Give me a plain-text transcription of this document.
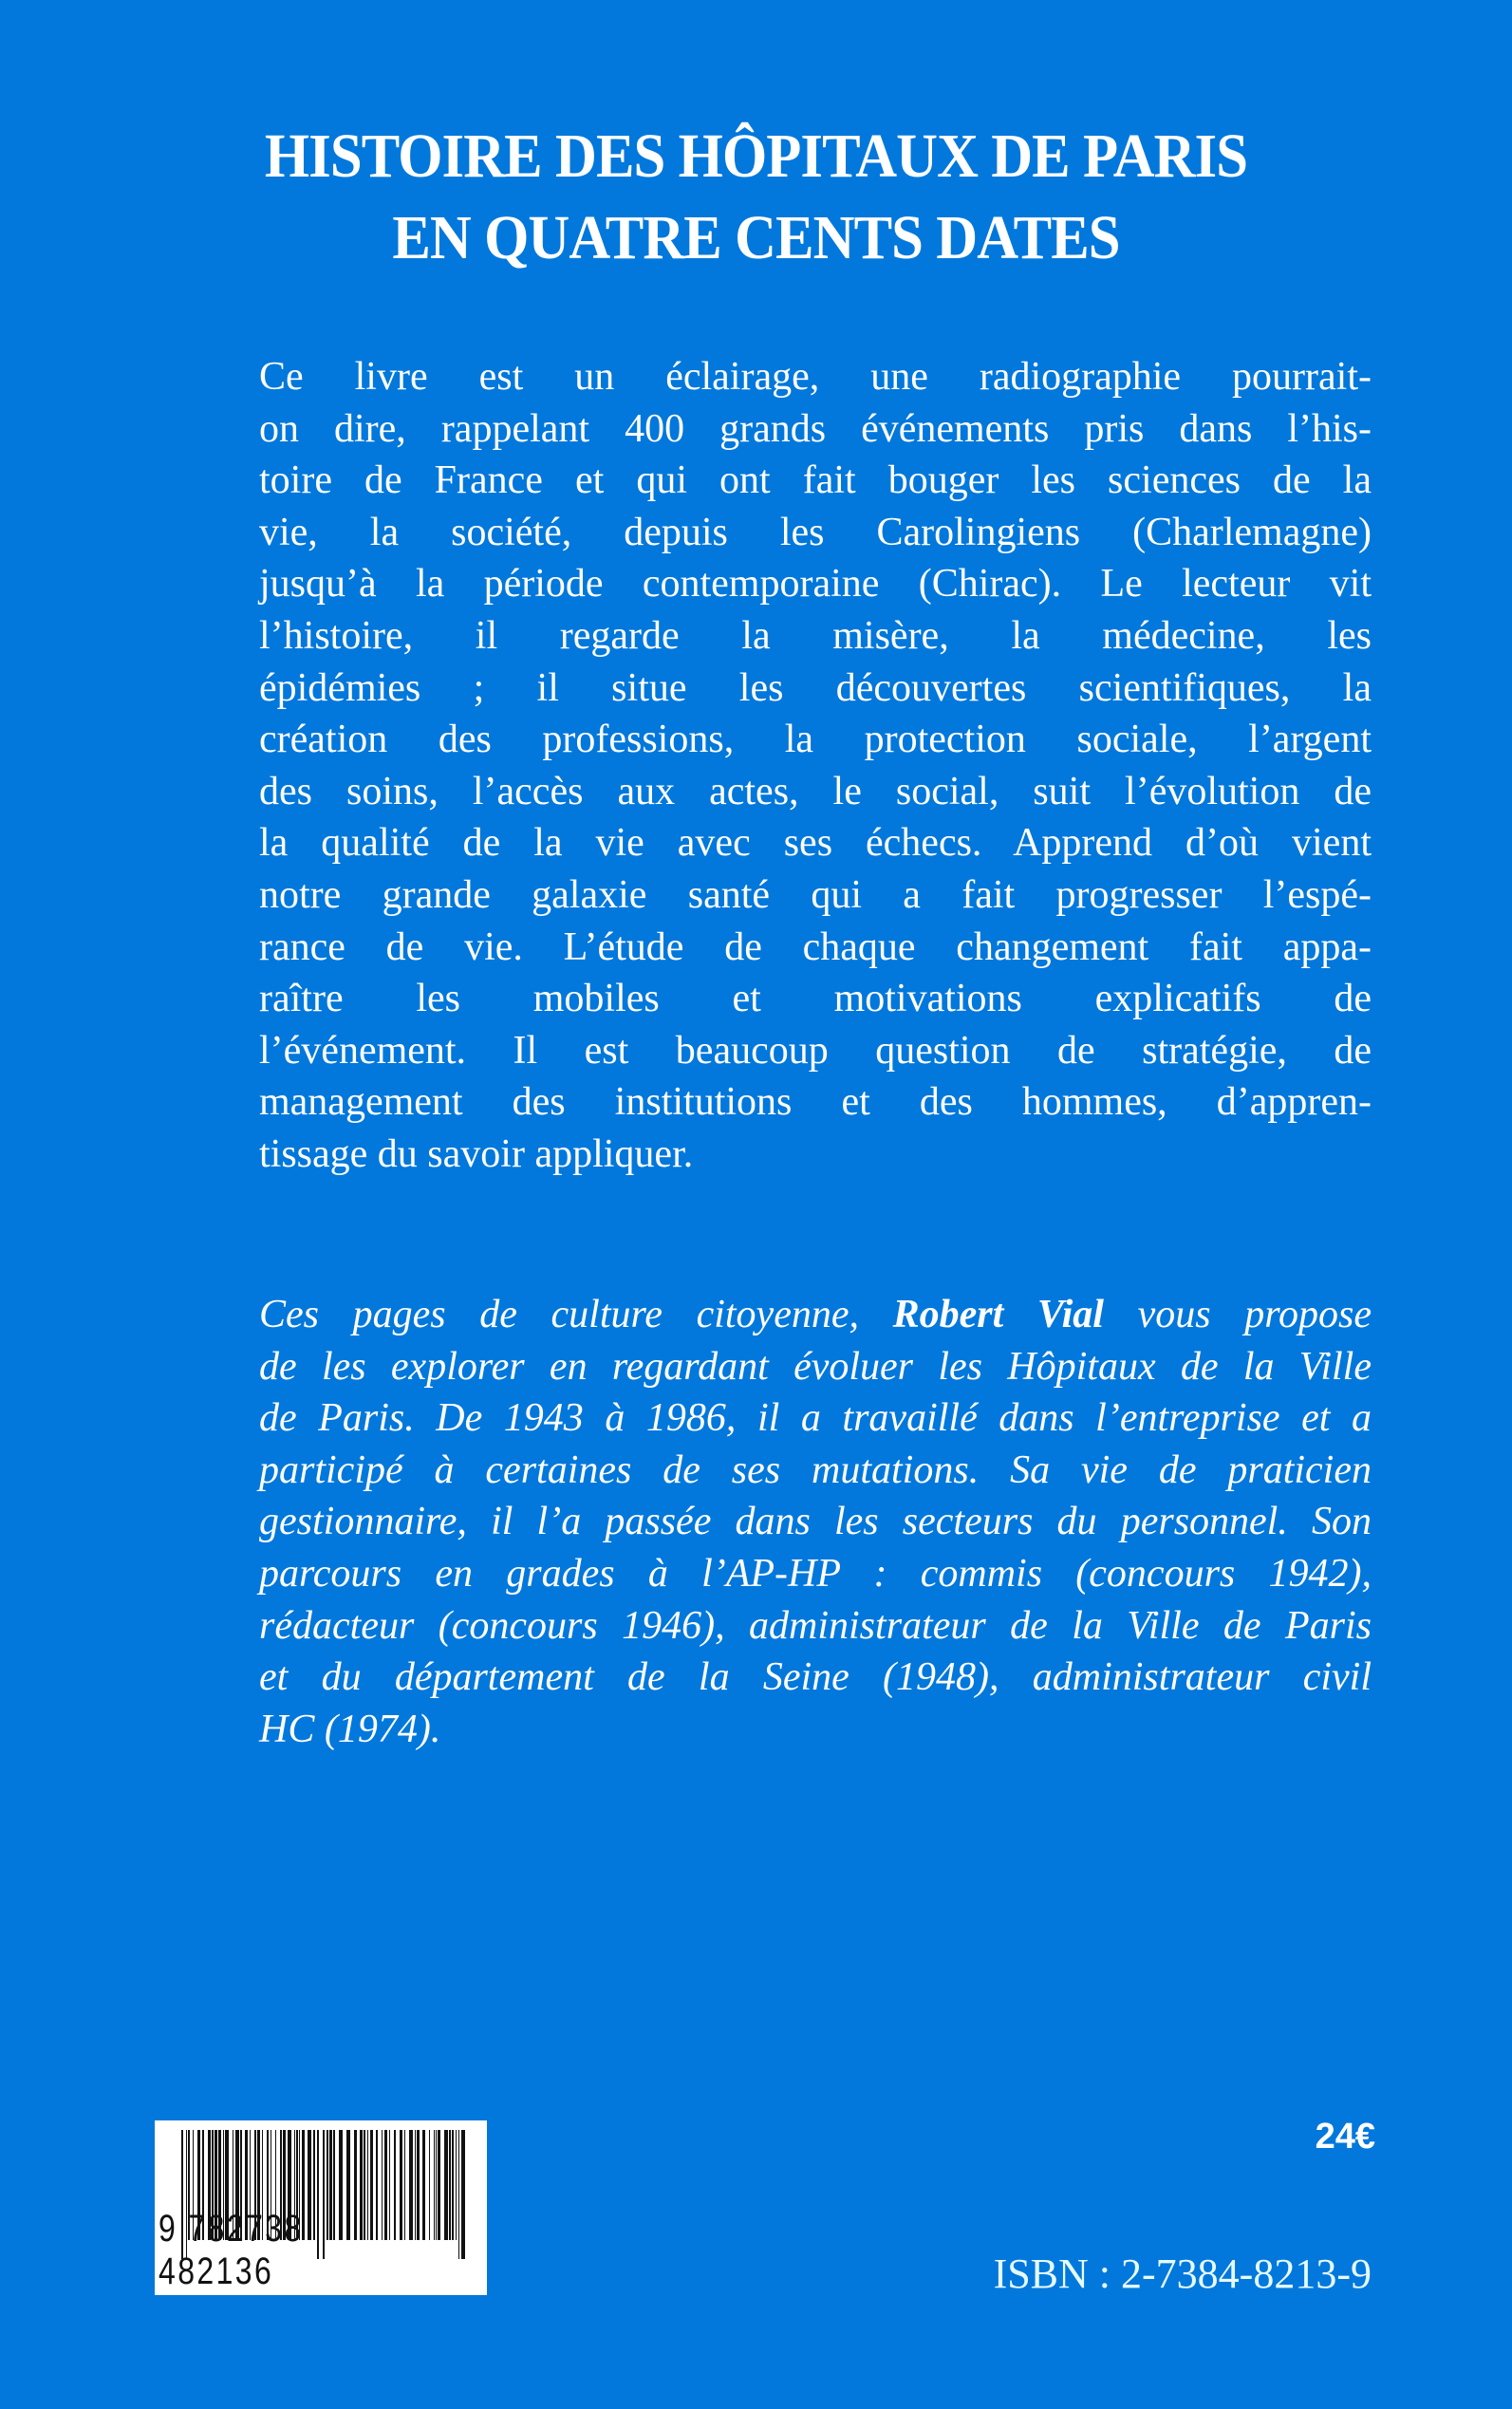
HISTOIRE DES HÔPITAUX DE PARIS
EN QUATRE CENTS DATES
Ce livre est un éclairage, une radiographie pourrait-
on dire, rappelant 400 grands événements pris dans l’his-
toire de France et qui ont fait bouger les sciences de la
vie, la société, depuis les Carolingiens (Charlemagne)
jusqu’à la période contemporaine (Chirac). Le lecteur vit
l’histoire, il regarde la misère, la médecine, les
épidémies ; il situe les découvertes scientifiques, la
création des professions, la protection sociale, l’argent
des soins, l’accès aux actes, le social, suit l’évolution de
la qualité de la vie avec ses échecs. Apprend d’où vient
notre grande galaxie santé qui a fait progresser l’espé-
rance de vie. L’étude de chaque changement fait appa-
raître les mobiles et motivations explicatifs de
l’événement. Il est beaucoup question de stratégie, de
management des institutions et des hommes, d’appren-
tissage du savoir appliquer.
Ces pages de culture citoyenne, Robert Vial vous propose
de les explorer en regardant évoluer les Hôpitaux de la Ville
de Paris. De 1943 à 1986, il a travaillé dans l’entreprise et a
participé à certaines de ses mutations. Sa vie de praticien
gestionnaire, il l’a passée dans les secteurs du personnel. Son
parcours en grades à l’AP-HP : commis (concours 1942),
rédacteur (concours 1946), administrateur de la Ville de Paris
et du département de la Seine (1948), administrateur civil
HC (1974).
9 782738 482136
24€
ISBN : 2-7384-8213-9
